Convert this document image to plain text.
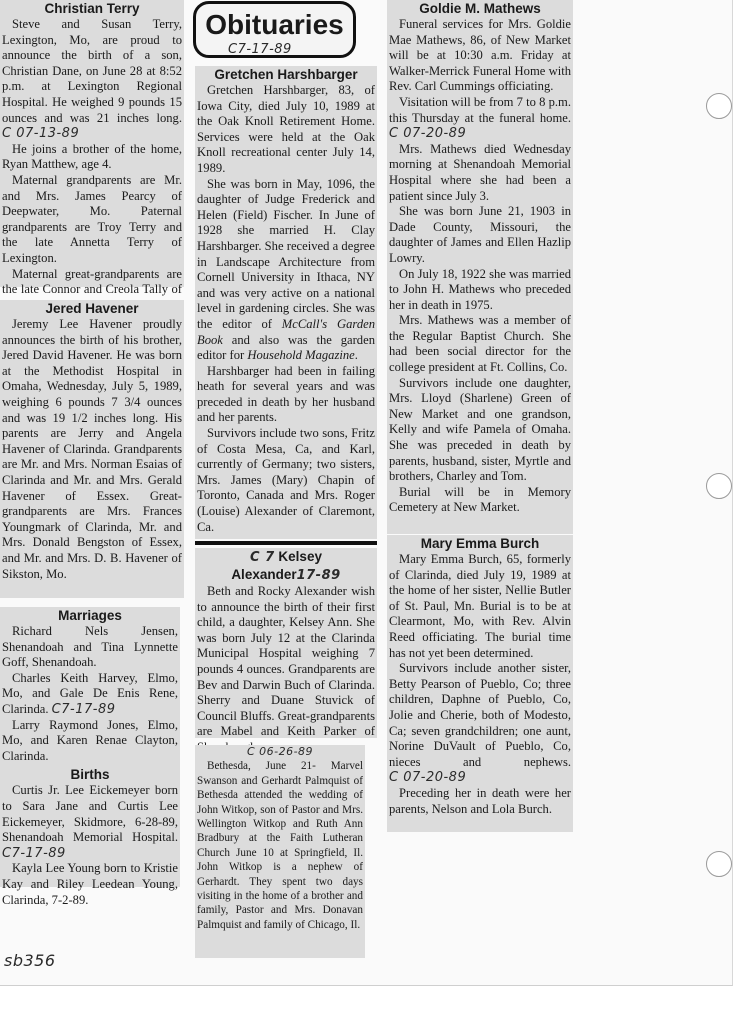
Christian Terry

Steve and Susan Terry, Lexington, Mo, are proud to announce the birth of a son, Christian Dane, on June 28 at 8:52 p.m. at Lexington Regional Hospital. He weighed 9 pounds 15 ounces and was 21 inches long. C 07-13-89

He joins a brother of the home, Ryan Matthew, age 4.

Maternal grandparents are Mr. and Mrs. James Pearcy of Deepwater, Mo. Paternal grandparents are Troy Terry and the late Annetta Terry of Lexington.

Maternal great-grandparents are the late Connor and Creola Tally of

Jered Havener

Jeremy Lee Havener proudly announces the birth of his brother, Jered David Havener. He was born at the Methodist Hospital in Omaha, Wednesday, July 5, 1989, weighing 6 pounds 7 3/4 ounces and was 19 1/2 inches long. His parents are Jerry and Angela Havener of Clarinda. Grandparents are Mr. and Mrs. Norman Esaias of Clarinda and Mr. and Mrs. Gerald Havener of Essex. Great-grandparents are Mrs. Frances Youngmark of Clarinda, Mr. and Mrs. Donald Bengston of Essex, and Mr. and Mrs. D. B. Havener of Sikston, Mo.

Marriages

Richard Nels Jensen, Shenandoah and Tina Lynnette Goff, Shenandoah.

Charles Keith Harvey, Elmo, Mo, and Gale De Enis Rene, Clarinda. C7-17-89

Larry Raymond Jones, Elmo, Mo, and Karen Renae Clayton, Clarinda.

Births

Curtis Jr. Lee Eickemeyer born to Sara Jane and Curtis Lee Eickemeyer, Skidmore, 6-28-89, Shenandoah Memorial Hospital. C7-17-89

Kayla Lee Young born to Kristie Kay and Riley Leedean Young, Clarinda, 7-2-89.

Obituaries
C7-17-89
Gretchen Harshbarger

Gretchen Harshbarger, 83, of Iowa City, died July 10, 1989 at the Oak Knoll Retirement Home. Services were held at the Oak Knoll recreational center July 14, 1989.

She was born in May, 1096, the daughter of Judge Frederick and Helen (Field) Fischer. In June of 1928 she married H. Clay Harshbarger. She received a degree in Landscape Architecture from Cornell University in Ithaca, NY and was very active on a national level in gardening circles. She was the editor of McCall's Garden Book and also was the garden editor for Household Magazine.

Harshbarger had been in failing heath for several years and was preceded in death by her husband and her parents.

Survivors include two sons, Fritz of Costa Mesa, Ca, and Karl, currently of Germany; two sisters, Mrs. James (Mary) Chapin of Toronto, Canada and Mrs. Roger (Louise) Alexander of Claremont, Ca.

C 7 Kelsey Alexander17-89

Beth and Rocky Alexander wish to announce the birth of their first child, a daughter, Kelsey Ann. She was born July 12 at the Clarinda Municipal Hospital weighing 7 pounds 4 ounces. Grandparents are Bev and Darwin Buch of Clarinda. Sherry and Duane Stuvick of Council Bluffs. Great-grandparents are Mabel and Keith Parker of

C 06-26-89

Bethesda, June 21- Marvel Swanson and Gerhardt Palmquist of Bethesda attended the wedding of John Witkop, son of Pastor and Mrs. Wellington Witkop and Ruth Ann Bradbury at the Faith Lutheran Church June 10 at Springfield, Il. John Witkop is a nephew of Gerhardt. They spent two days visiting in the home of a brother and family, Pastor and Mrs. Donavan Palmquist and family of Chicago, Il.

Goldie M. Mathews

Funeral services for Mrs. Goldie Mae Mathews, 86, of New Market will be at 10:30 a.m. Friday at Walker-Merrick Funeral Home with Rev. Carl Cummings officiating.

Visitation will be from 7 to 8 p.m. this Thursday at the funeral home. C 07-20-89

Mrs. Mathews died Wednesday morning at Shenandoah Memorial Hospital where she had been a patient since July 3.

She was born June 21, 1903 in Dade County, Missouri, the daughter of James and Ellen Hazlip Lowry.

On July 18, 1922 she was married to John H. Mathews who preceded her in death in 1975.

Mrs. Mathews was a member of the Regular Baptist Church. She had been social director for the college president at Ft. Collins, Co.

Survivors include one daughter, Mrs. Lloyd (Sharlene) Green of New Market and one grandson, Kelly and wife Pamela of Omaha. She was preceded in death by parents, husband, sister, Myrtle and brothers, Charley and Tom.

Burial will be in Memory Cemetery at New Market.

Mary Emma Burch

Mary Emma Burch, 65, formerly of Clarinda, died July 19, 1989 at the home of her sister, Nellie Butler of St. Paul, Mn. Burial is to be at Clearmont, Mo, with Rev. Alvin Reed officiating. The burial time has not yet been determined.

Survivors include another sister, Betty Pearson of Pueblo, Co; three children, Daphne of Pueblo, Co, Jolie and Cherie, both of Modesto, Ca; seven grandchildren; one aunt, Norine DuVault of Pueblo, Co, nieces and nephews. C 07-20-89

Preceding her in death were her parents, Nelson and Lola Burch.

sb356
